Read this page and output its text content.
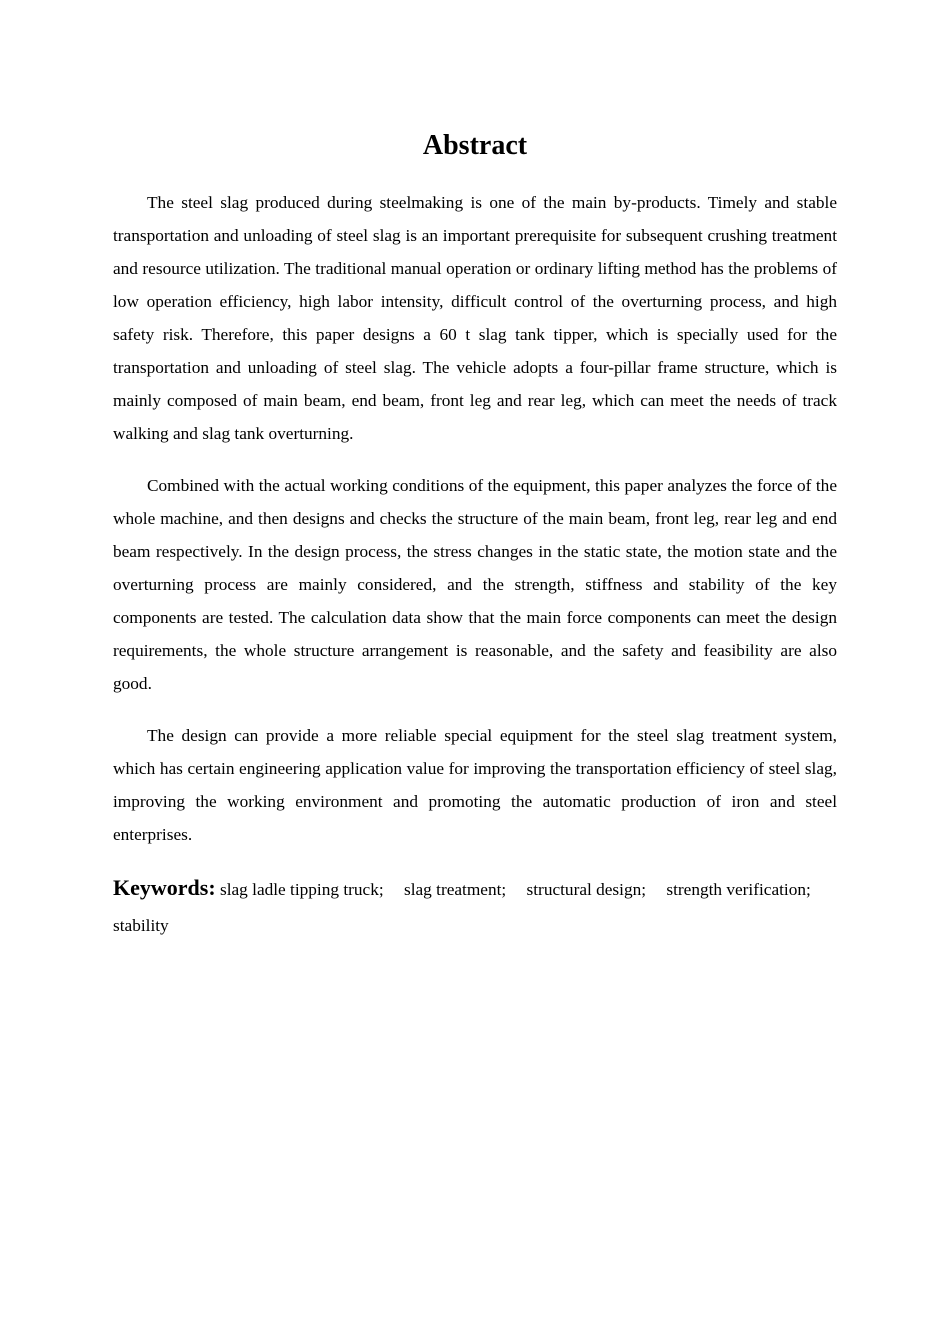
Abstract

The steel slag produced during steelmaking is one of the main by-products. Timely and stable transportation and unloading of steel slag is an important prerequisite for subsequent crushing treatment and resource utilization. The traditional manual operation or ordinary lifting method has the problems of low operation efficiency, high labor intensity, difficult control of the overturning process, and high safety risk. Therefore, this paper designs a 60 t slag tank tipper, which is specially used for the transportation and unloading of steel slag. The vehicle adopts a four-pillar frame structure, which is mainly composed of main beam, end beam, front leg and rear leg, which can meet the needs of track walking and slag tank overturning.

Combined with the actual working conditions of the equipment, this paper analyzes the force of the whole machine, and then designs and checks the structure of the main beam, front leg, rear leg and end beam respectively. In the design process, the stress changes in the static state, the motion state and the overturning process are mainly considered, and the strength, stiffness and stability of the key components are tested. The calculation data show that the main force components can meet the design requirements, the whole structure arrangement is reasonable, and the safety and feasibility are also good.

The design can provide a more reliable special equipment for the steel slag treatment system, which has certain engineering application value for improving the transportation efficiency of steel slag, improving the working environment and promoting the automatic production of iron and steel enterprises.

Keywords: slag ladle tipping truck; slag treatment; structural design; strength verification; stability
